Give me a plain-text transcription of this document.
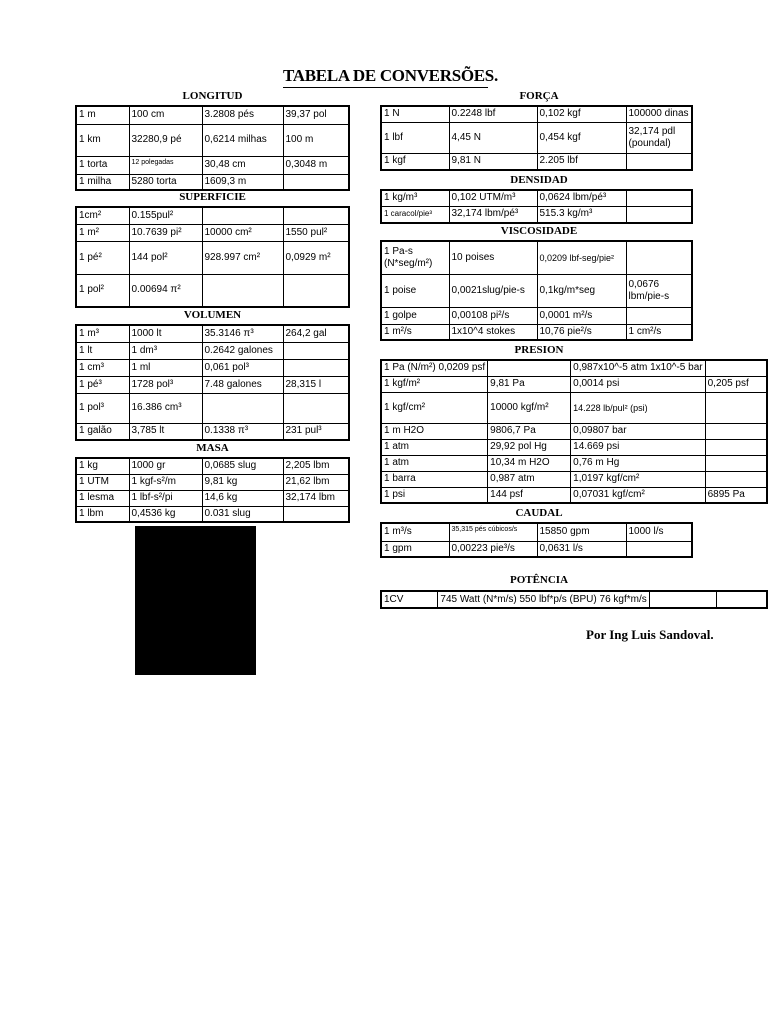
TABELA DE CONVERSÕES.
LONGITUD
1 m	100 cm	3.2808 pés	39,37 pol
1 km	32280,9 pé	0,6214 milhas	100 m
1 torta	12 polegadas	30,48 cm	0,3048 m
1 milha	5280 torta	1609,3 m	
SUPERFICIE
1cm²	0.155pul²		
1 m²	10.7639 pi²	10000 cm²	1550 pul²
1 pé²	144 pol²	928.997 cm²	0,0929 m²
1 pol²	0.00694 π²		
VOLUMEN
1 m³	1000 lt	35.3146 π³	264,2 gal
1 lt	1 dm³	0.2642 galones	
1 cm³	1 ml	0,061 pol³	
1 pé³	1728 pol³	7.48 galones	28,315 l
1 pol³	16.386 cm³		
1 galão	3,785 lt	0.1338 π³	231 pul³
MASA
1 kg	1000 gr	0,0685 slug	2,205 lbm
1 UTM	1 kgf-s²/m	9,81 kg	21,62 lbm
1 lesma	1 lbf-s²/pi	14,6 kg	32,174 lbm
1 lbm	0,4536 kg	0.031 slug	
FORÇA
1 N	0.2248 lbf	0,102 kgf	100000 dinas
1 lbf	4,45 N	0,454 kgf	32,174 pdl (poundal)
1 kgf	9,81 N	2.205 lbf	
DENSIDAD
1 kg/m³	0,102 UTM/m³	0,0624 lbm/pé³	
1 caracol/pie³	32,174 lbm/pé³	515.3 kg/m³	
VISCOSIDADE
1 Pa-s (N*seg/m²)	10 poises	0,0209 lbf-seg/pie²	
1 poise	0,0021slug/pie-s	0,1kg/m*seg	0,0676 lbm/pie-s
1 golpe	0,00108 pi²/s	0,0001 m²/s	
1 m²/s	1x10^4 stokes	10,76 pie²/s	1 cm²/s
PRESION
1 Pa (N/m²) 0,0209 psf		0,987x10^-5 atm 1x10^-5 bar	
1 kgf/m²	9,81 Pa	0,0014 psi	0,205 psf
1 kgf/cm²	10000 kgf/m²	14.228 lb/pul² (psi)	
1 m H2O	9806,7 Pa	0,09807 bar	
1 atm	29,92 pol Hg	14.669 psi	
1 atm	10,34 m H2O	0,76 m Hg	
1 barra	0,987 atm	1,0197 kgf/cm²	
1 psi	144 psf	0,07031 kgf/cm²	6895 Pa
CAUDAL
1 m³/s	35,315 pés cúbicos/s	15850 gpm	1000 l/s
1 gpm	0,00223 pie³/s	0,0631 l/s	
POTÊNCIA
1CV	745 Watt (N*m/s) 550 lbf*p/s (BPU) 76 kgf*m/s		
Por Ing Luis Sandoval.
